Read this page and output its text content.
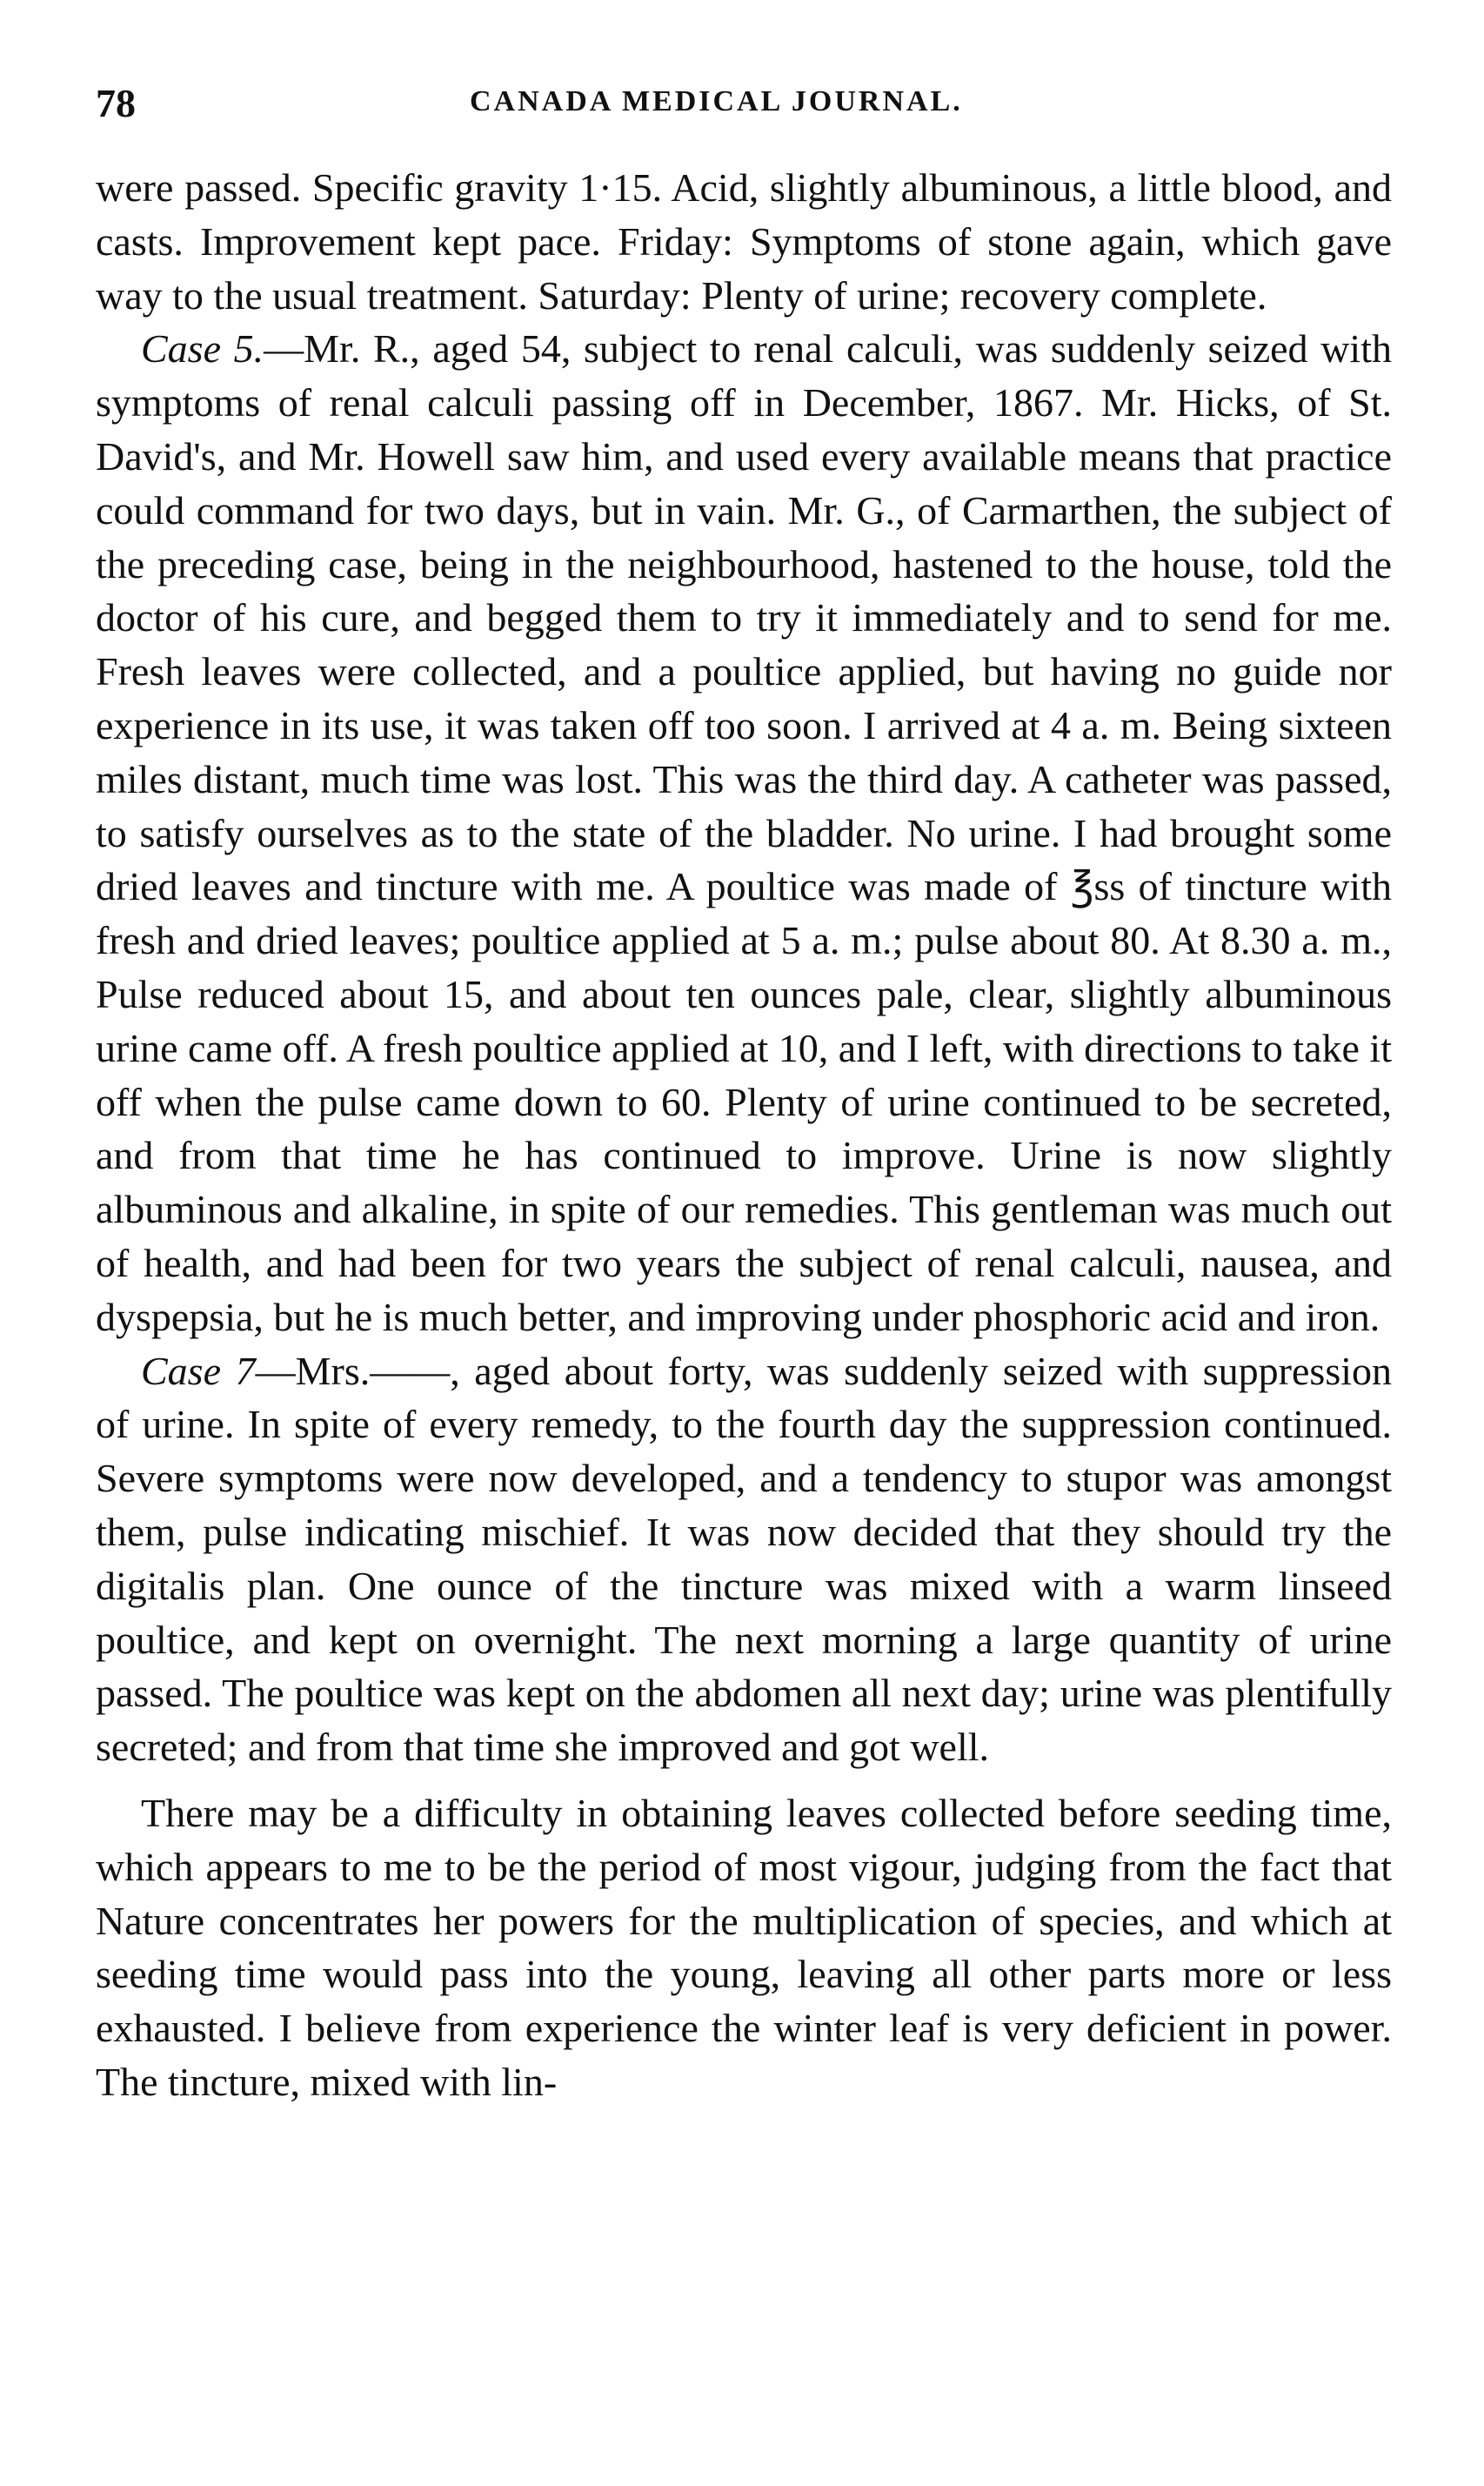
78	CANADA MEDICAL JOURNAL.

were passed. Specific gravity 1·15. Acid, slightly albuminous, a little blood, and casts. Improvement kept pace. Friday: Symptoms of stone again, which gave way to the usual treatment. Saturday: Plenty of urine; recovery complete.

Case 5.—Mr. R., aged 54, subject to renal calculi, was suddenly seized with symptoms of renal calculi passing off in December, 1867. Mr. Hicks, of St. David's, and Mr. Howell saw him, and used every available means that practice could command for two days, but in vain. Mr. G., of Carmarthen, the subject of the preceding case, being in the neighbourhood, hastened to the house, told the doctor of his cure, and begged them to try it immediately and to send for me. Fresh leaves were collected, and a poultice applied, but having no guide nor experience in its use, it was taken off too soon. I arrived at 4 a. m. Being sixteen miles distant, much time was lost. This was the third day. A catheter was passed, to satisfy ourselves as to the state of the bladder. No urine. I had brought some dried leaves and tincture with me. A poultice was made of ℥ss of tincture with fresh and dried leaves; poultice applied at 5 a. m.; pulse about 80. At 8.30 a. m., Pulse reduced about 15, and about ten ounces pale, clear, slightly albuminous urine came off. A fresh poultice applied at 10, and I left, with directions to take it off when the pulse came down to 60. Plenty of urine continued to be secreted, and from that time he has continued to improve. Urine is now slightly albuminous and alkaline, in spite of our remedies. This gentleman was much out of health, and had been for two years the subject of renal calculi, nausea, and dyspepsia, but he is much better, and improving under phosphoric acid and iron.

Case 7—Mrs.——, aged about forty, was suddenly seized with suppression of urine. In spite of every remedy, to the fourth day the suppression continued. Severe symptoms were now developed, and a tendency to stupor was amongst them, pulse indicating mischief. It was now decided that they should try the digitalis plan. One ounce of the tincture was mixed with a warm linseed poultice, and kept on overnight. The next morning a large quantity of urine passed. The poultice was kept on the abdomen all next day; urine was plentifully secreted; and from that time she improved and got well.

There may be a difficulty in obtaining leaves collected before seeding time, which appears to me to be the period of most vigour, judging from the fact that Nature concentrates her powers for the multiplication of species, and which at seeding time would pass into the young, leaving all other parts more or less exhausted. I believe from experience the winter leaf is very deficient in power. The tincture, mixed with lin-
